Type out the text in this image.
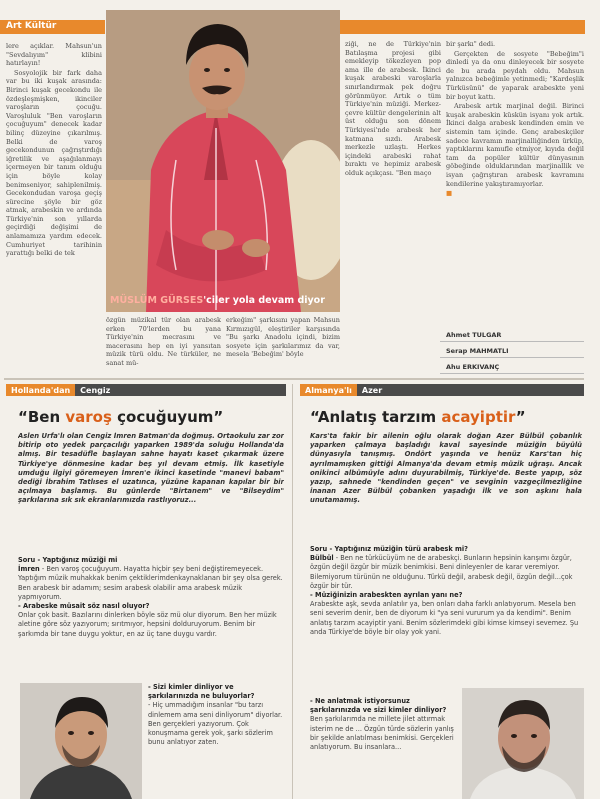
Art Kültür

lere açıklar. Mahsun'un "Sevdalıyım" klibini hatırlayın!

Sosyolojik bir fark daha var bu iki kuşak arasında: Birinci kuşak gecekondu ile özdeşleşmişken, ikinciler varoşların çocuğu. Varoşluluk "Ben varoşların çocuğuyum" denecek kadar bilinç düzeyine çıkarılmış. Belki de varoş gecekondunun çağrıştırdığı iğretilik ve aşağılanmayı içermeyen bir tanım olduğu için böyle kolay benimseniyor, sahiplenilmiş. Gecekondudan varoşa geçiş sürecine şöyle bir göz atmak, arabeskin ve ardında Türkiye'nin son yıllarda geçirdiği değişimi de anlamamıza yardım edecek. Cumhuriyet tarihinin yarattığı belki de tek

MÜSLÜM GÜRSES'ciler yola devam diyor
özgün müzikal tür olan arabesk erken 70'lerden bu yana Türkiye'nin mecrasını ve macerasını hep en iyi yansıtan müzik türü oldu. Ne türküler, ne sanat mü-
erkeğim" şarkısını yapan Mahsun Kırmızıgül, eleştiriler karşısında "Bu şarkı Anadolu içindi, bizim sosyete için şarkılarımız da var, mesela 'Bebeğim' böyle
ziği, ne de Türkiye'nin Batılaşma projesi gibi emekleyip tökezleyen pop ama ille de arabesk. İkinci kuşak arabeski varoşlarla sınırlandırmak pek doğru görünmüyor. Artık o tüm Türkiye'nin müziği. Merkez-çevre kültür dengelerinin alt üst olduğu son dönem Türkiyesi'nde arabesk her katmana sızdı. Arabesk merkezle uzlaştı. Herkes içindeki arabeski rahat bıraktı ve hepimiz arabesk olduk açıkçası. "Ben maço

bir şarkı" dedi.

Gerçekten de sosyete "Bebeğim"i dinledi ya da onu dinleyecek bir sosyete de bu arada peydah oldu. Mahsun yalnızca bebeğimle yetinmedi; "Kardeşlik Türküsünü" de yaparak arabeskte yeni bir boyut kattı.

Arabesk artık marjinal değil. Birinci kuşak arabeskin küskün isyanı yok artık. İkinci dalga arabesk kendinden emin ve sistemin tam içinde. Genç arabeskçiler sadece kavramın marjinalliğinden ürküp, yaptıklarını kamufle etmiyor, kıyıda değil tam da popüler kültür dünyasının göbeğinde olduklarından marjinallik ve isyan çağrıştıran arabesk kavramını kendilerine yakıştıramıyorlar.

■
Ahmet TULGAR
Serap MAHMATLI
Ahu ERKIVANÇ
Hollanda'dan	Cengiz
“Ben varoş çocuğuyum”
Aslen Urfa'lı olan Cengiz İmren Batman'da doğmuş. Ortaokulu zar zor bitirip oto yedek parçacılığı yaparken 1989'da soluğu Hollanda'da almış. Bir tesadüfle başlayan sahne hayatı kaset çıkarmak üzere Türkiye'ye dönmesine kadar beş yıl devam etmiş. İlk kasetiyle umduğu ilgiyi göremeyen İmren'e ikinci kasetinde "manevi babam" dediği İbrahim Tatlıses el uzatınca, yüzüne kapanan kapılar bir bir açılmaya başlamış. Bu günlerde "Birtanem" ve "Bilseydim" şarkılarına sık sık ekranlarımızda rastlıyoruz...
Soru - Yaptığınız müziği mi
İmren - Ben varoş çocuğuyum. Hayatta hiçbir şey beni değiştiremeyecek. Yaptığım müzik muhakkak benim çektiklerimdenkaynaklanan bir şey olsa gerek. Ben arabesk bir adamım; sesim arabesk olabilir ama arabesk müzik yapmıyorum.
- Arabeske müsait söz nasıl oluyor?
Onlar çok basit. Bazılarını dinlerken böyle söz mü olur diyorum. Ben her müzik aletine göre söz yazıyorum; sırıtmıyor, hepsini dolduruyorum. Benim bir şarkımda bir tane duygu yoktur, en az üç tane duygu vardır.
- Sizi kimler dinliyor ve şarkılarınızda ne buluyorlar?
- Hiç ummadığım insanlar "bu tarzı dinlemem ama seni dinliyorum" diyorlar. Ben gerçekleri yazıyorum. Çok konuşmama gerek yok, şarkı sözlerim bunu anlatıyor zaten.
Almanya'lı	Azer
“Anlatış tarzım acayiptir”
Kars'ta fakir bir ailenin oğlu olarak doğan Azer Bülbül çobanlık yaparken çalmaya başladığı kaval sayesinde müziğin büyülü dünyasıyla tanışmış. Ondört yaşında ve henüz Kars'tan hiç ayrılmamışken gittiği Almanya'da devam etmiş müzik uğraşı. Ancak onikinci albümüyle adını duyurabilmiş, Türkiye'de. Beste yapıp, söz yazıp, sahnede "kendinden geçen" ve sevginin vazgeçilmezliğine inanan Azer Bülbül çobanken yaşadığı ilk ve son aşkını hala unutamamış.
Soru - Yaptığınız müziğin türü arabesk mi?
Bülbül - Ben ne türkücüyüm ne de arabeskçi. Bunların hepsinin karışımı özgür, özgün değil özgür bir müzik benimkisi. Beni dinleyenler de karar veremiyor. Bilemiyorum türünün ne olduğunu. Türkü değil, arabesk değil, özgün değil...çok özgür bir tür.
- Müziğinizin arabeskten ayrılan yanı ne?
Arabeskte aşk, sevda anlatılır ya, ben onları daha farklı anlatıyorum. Mesela ben seni severim denir, ben de diyorum ki "ya seni vururum ya da kendimi". Benim anlatış tarzım acayiptir yani. Benim sözlerimdeki gibi kimse kimseyi sevemez. Şu anda Türkiye'de böyle bir olay yok yani.
- Ne anlatmak istiyorsunuz şarkılarınızda ve sizi kimler dinliyor?
Ben şarkılarımda ne millete jilet attırmak isterim ne de ... Özgün türde sözlerin yanlış bir şekilde anlatılması benimkisi. Gerçekleri anlatıyorum. Bu insanlara...
